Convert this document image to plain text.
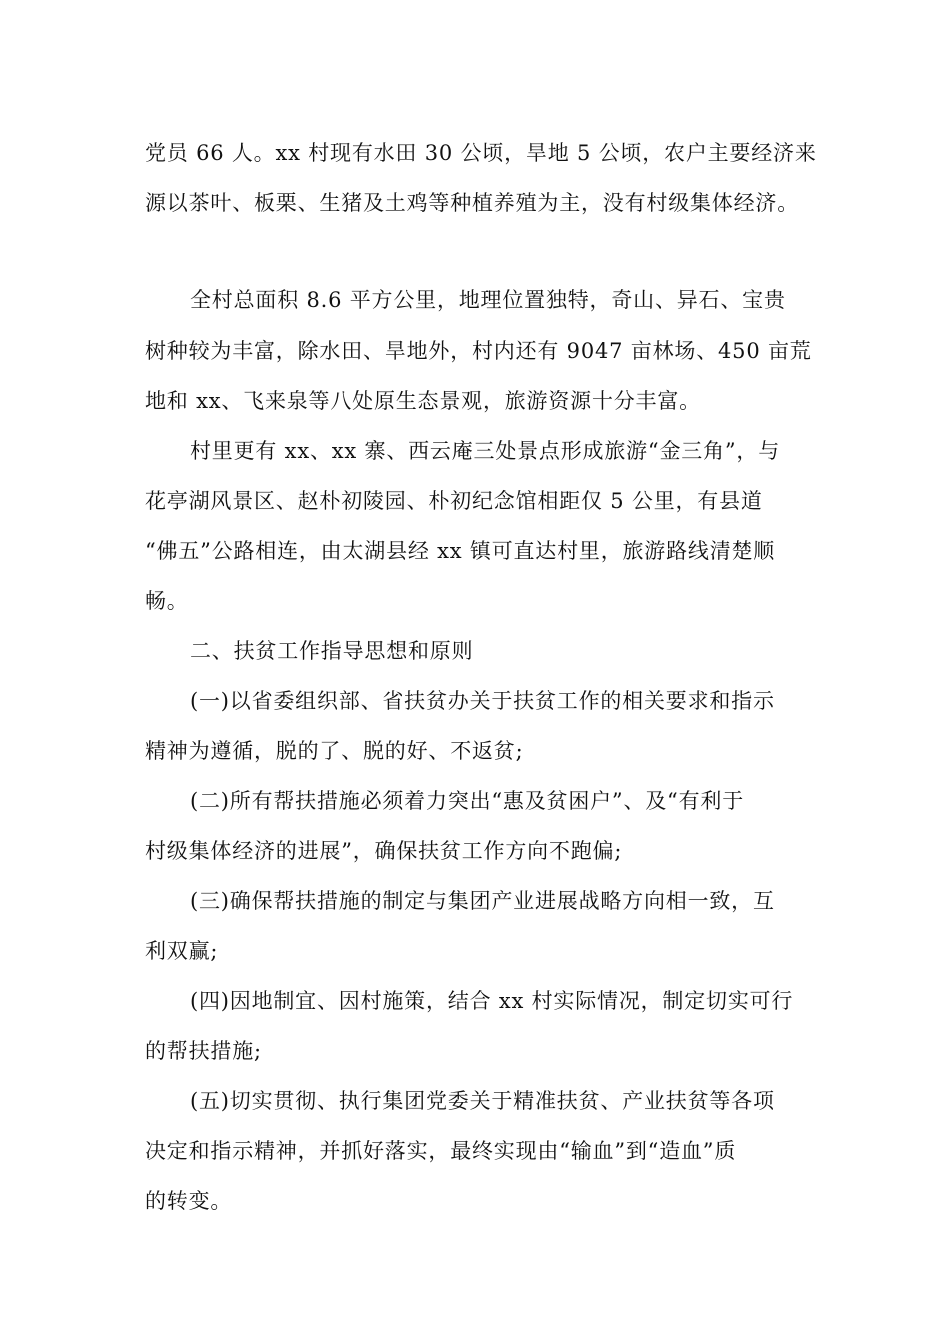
党员 66 人。xx 村现有水田 30 公顷，旱地 5 公顷，农户主要经济来
源以茶叶、板栗、生猪及土鸡等种植养殖为主，没有村级集体经济。
全村总面积 8.6 平方公里，地理位置独特，奇山、异石、宝贵
树种较为丰富，除水田、旱地外，村内还有 9047 亩林场、450 亩荒
地和 xx、飞来泉等八处原生态景观，旅游资源十分丰富。
村里更有 xx、xx 寨、西云庵三处景点形成旅游“金三角”，与
花亭湖风景区、赵朴初陵园、朴初纪念馆相距仅 5 公里，有县道
“佛五”公路相连，由太湖县经 xx 镇可直达村里，旅游路线清楚顺
畅。
二、扶贫工作指导思想和原则
(一)以省委组织部、省扶贫办关于扶贫工作的相关要求和指示
精神为遵循，脱的了、脱的好、不返贫;
(二)所有帮扶措施必须着力突出“惠及贫困户”、及“有利于
村级集体经济的进展”，确保扶贫工作方向不跑偏;
(三)确保帮扶措施的制定与集团产业进展战略方向相一致，互
利双赢;
(四)因地制宜、因村施策，结合 xx 村实际情况，制定切实可行
的帮扶措施;
(五)切实贯彻、执行集团党委关于精准扶贫、产业扶贫等各项
决定和指示精神，并抓好落实，最终实现由“输血”到“造血”质
的转变。
